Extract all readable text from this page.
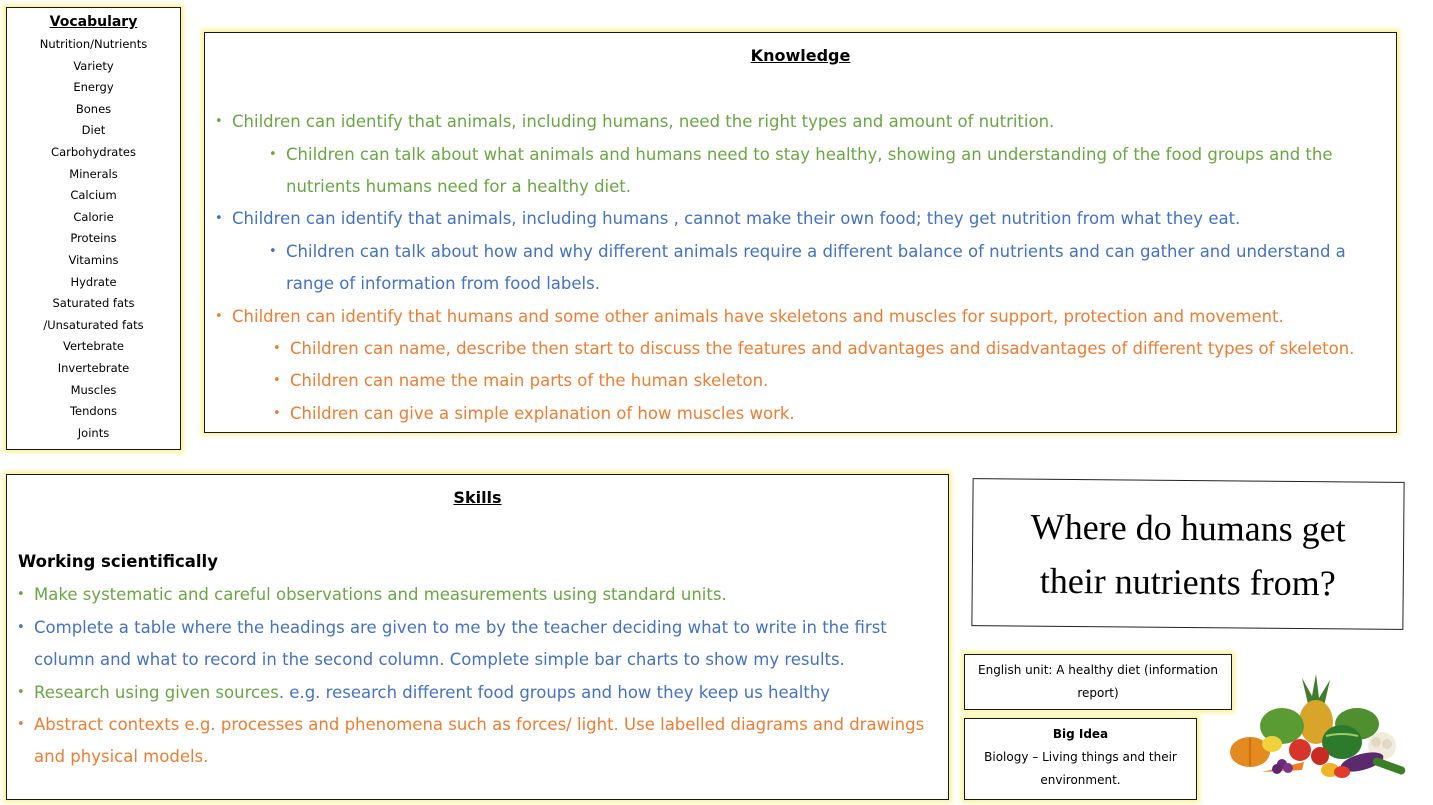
Vocabulary
Nutrition/Nutrients
Variety
Energy
Bones
Diet
Carbohydrates
Minerals
Calcium
Calorie
Proteins
Vitamins
Hydrate
Saturated fats
/Unsaturated fats
Vertebrate
Invertebrate
Muscles
Tendons
Joints
Knowledge
• Children can identify that animals, including humans, need the right types and amount of nutrition.
• Children can talk about what animals and humans need to stay healthy, showing an understanding of the food groups and the
nutrients humans need for a healthy diet.
• Children can identify that animals, including humans , cannot make their own food; they get nutrition from what they eat.
• Children can talk about how and why different animals require a different balance of nutrients and can gather and understand a
range of information from food labels.
• Children can identify that humans and some other animals have skeletons and muscles for support, protection and movement.
• Children can name, describe then start to discuss the features and advantages and disadvantages of different types of skeleton.
• Children can name the main parts of the human skeleton.
• Children can give a simple explanation of how muscles work.
Skills
Working scientifically
• Make systematic and careful observations and measurements using standard units.
• Complete a table where the headings are given to me by the teacher deciding what to write in the first
column and what to record in the second column. Complete simple bar charts to show my results.
• Research using given sources. e.g. research different food groups and how they keep us healthy
• Abstract contexts e.g. processes and phenomena such as forces/ light. Use labelled diagrams and drawings
and physical models.
Where do humans get
their nutrients from?
English unit: A healthy diet (information
report)
Big Idea
Biology – Living things and their
environment.
